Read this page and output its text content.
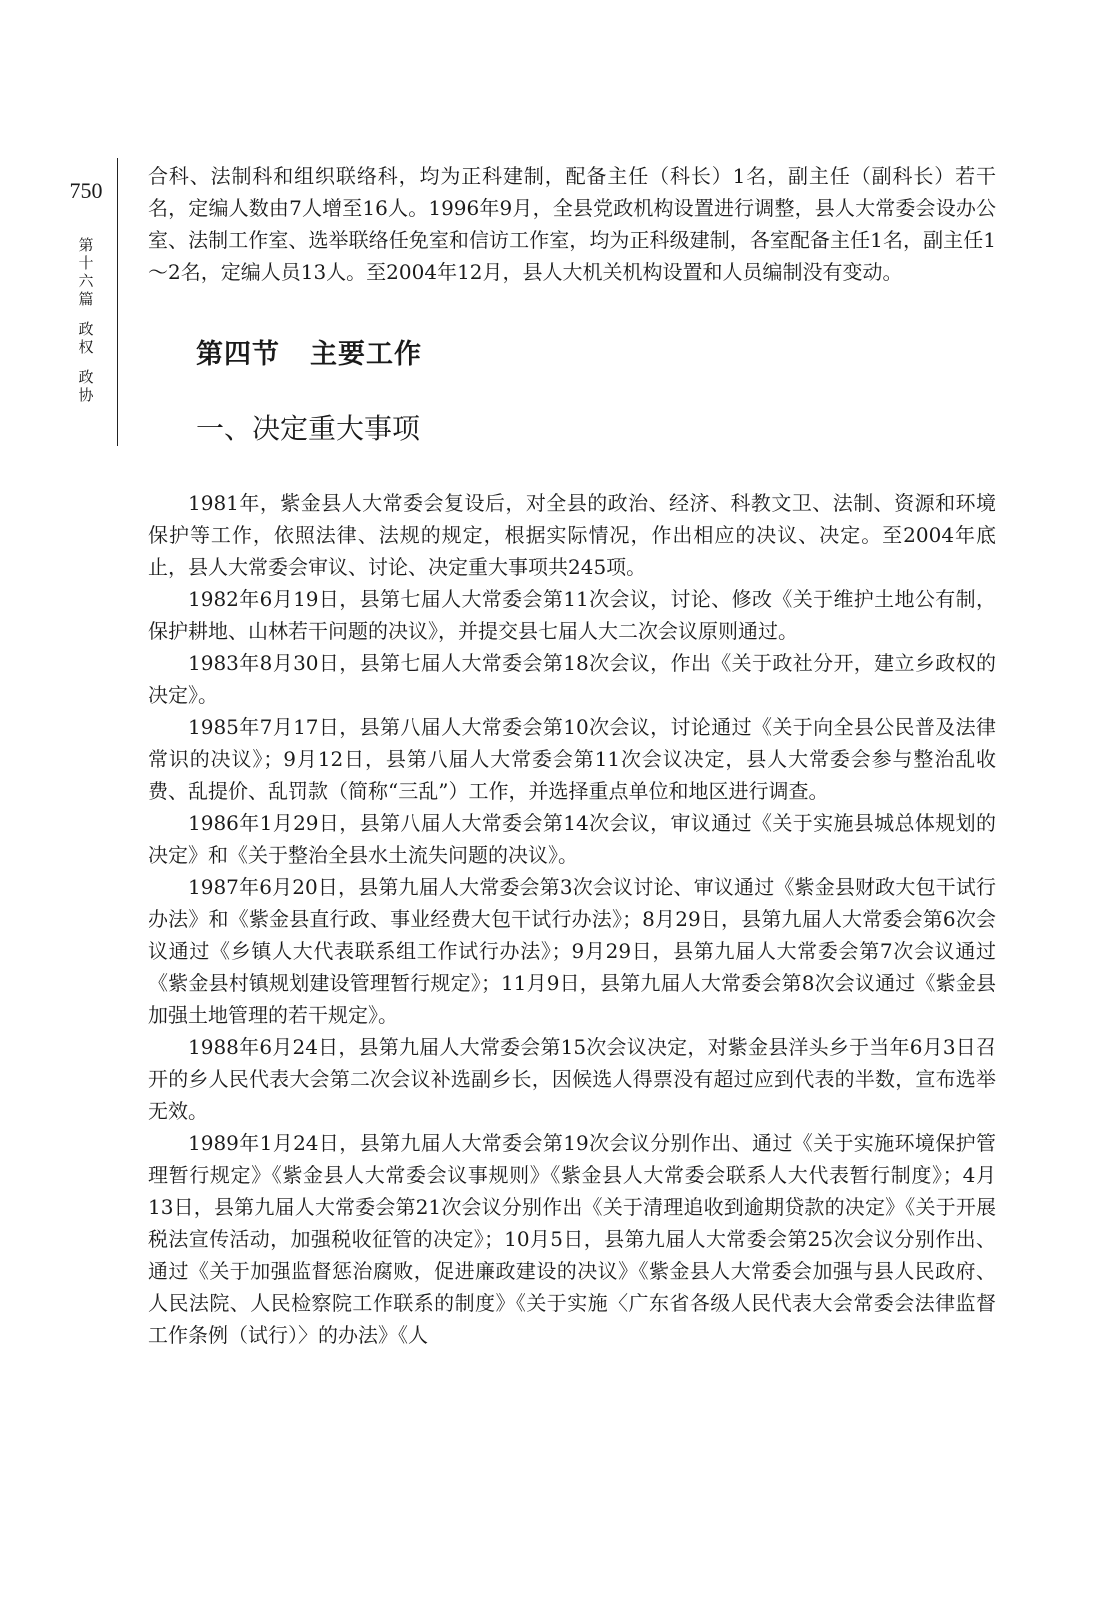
750
第
十
六
篇
政
权
政
协

合科、法制科和组织联络科，均为正科建制，配备主任（科长）1名，副主任（副科长）若干名，定编人数由7人增至16人。1996年9月，全县党政机构设置进行调整，县人大常委会设办公室、法制工作室、选举联络任免室和信访工作室，均为正科级建制，各室配备主任1名，副主任1～2名，定编人员13人。至2004年12月，县人大机关机构设置和人员编制没有变动。

第四节 主要工作
一、决定重大事项

1981年，紫金县人大常委会复设后，对全县的政治、经济、科教文卫、法制、资源和环境保护等工作，依照法律、法规的规定，根据实际情况，作出相应的决议、决定。至2004年底止，县人大常委会审议、讨论、决定重大事项共245项。

1982年6月19日，县第七届人大常委会第11次会议，讨论、修改《关于维护土地公有制，保护耕地、山林若干问题的决议》，并提交县七届人大二次会议原则通过。

1983年8月30日，县第七届人大常委会第18次会议，作出《关于政社分开，建立乡政权的决定》。

1985年7月17日，县第八届人大常委会第10次会议，讨论通过《关于向全县公民普及法律常识的决议》；9月12日，县第八届人大常委会第11次会议决定，县人大常委会参与整治乱收费、乱提价、乱罚款（简称“三乱”）工作，并选择重点单位和地区进行调查。

1986年1月29日，县第八届人大常委会第14次会议，审议通过《关于实施县城总体规划的决定》和《关于整治全县水土流失问题的决议》。

1987年6月20日，县第九届人大常委会第3次会议讨论、审议通过《紫金县财政大包干试行办法》和《紫金县直行政、事业经费大包干试行办法》；8月29日，县第九届人大常委会第6次会议通过《乡镇人大代表联系组工作试行办法》；9月29日，县第九届人大常委会第7次会议通过《紫金县村镇规划建设管理暂行规定》；11月9日，县第九届人大常委会第8次会议通过《紫金县加强土地管理的若干规定》。

1988年6月24日，县第九届人大常委会第15次会议决定，对紫金县洋头乡于当年6月3日召开的乡人民代表大会第二次会议补选副乡长，因候选人得票没有超过应到代表的半数，宣布选举无效。

1989年1月24日，县第九届人大常委会第19次会议分别作出、通过《关于实施环境保护管理暂行规定》《紫金县人大常委会议事规则》《紫金县人大常委会联系人大代表暂行制度》；4月13日，县第九届人大常委会第21次会议分别作出《关于清理追收到逾期贷款的决定》《关于开展税法宣传活动，加强税收征管的决定》；10月5日，县第九届人大常委会第25次会议分别作出、通过《关于加强监督惩治腐败，促进廉政建设的决议》《紫金县人大常委会加强与县人民政府、人民法院、人民检察院工作联系的制度》《关于实施〈广东省各级人民代表大会常委会法律监督工作条例（试行）〉的办法》《人
